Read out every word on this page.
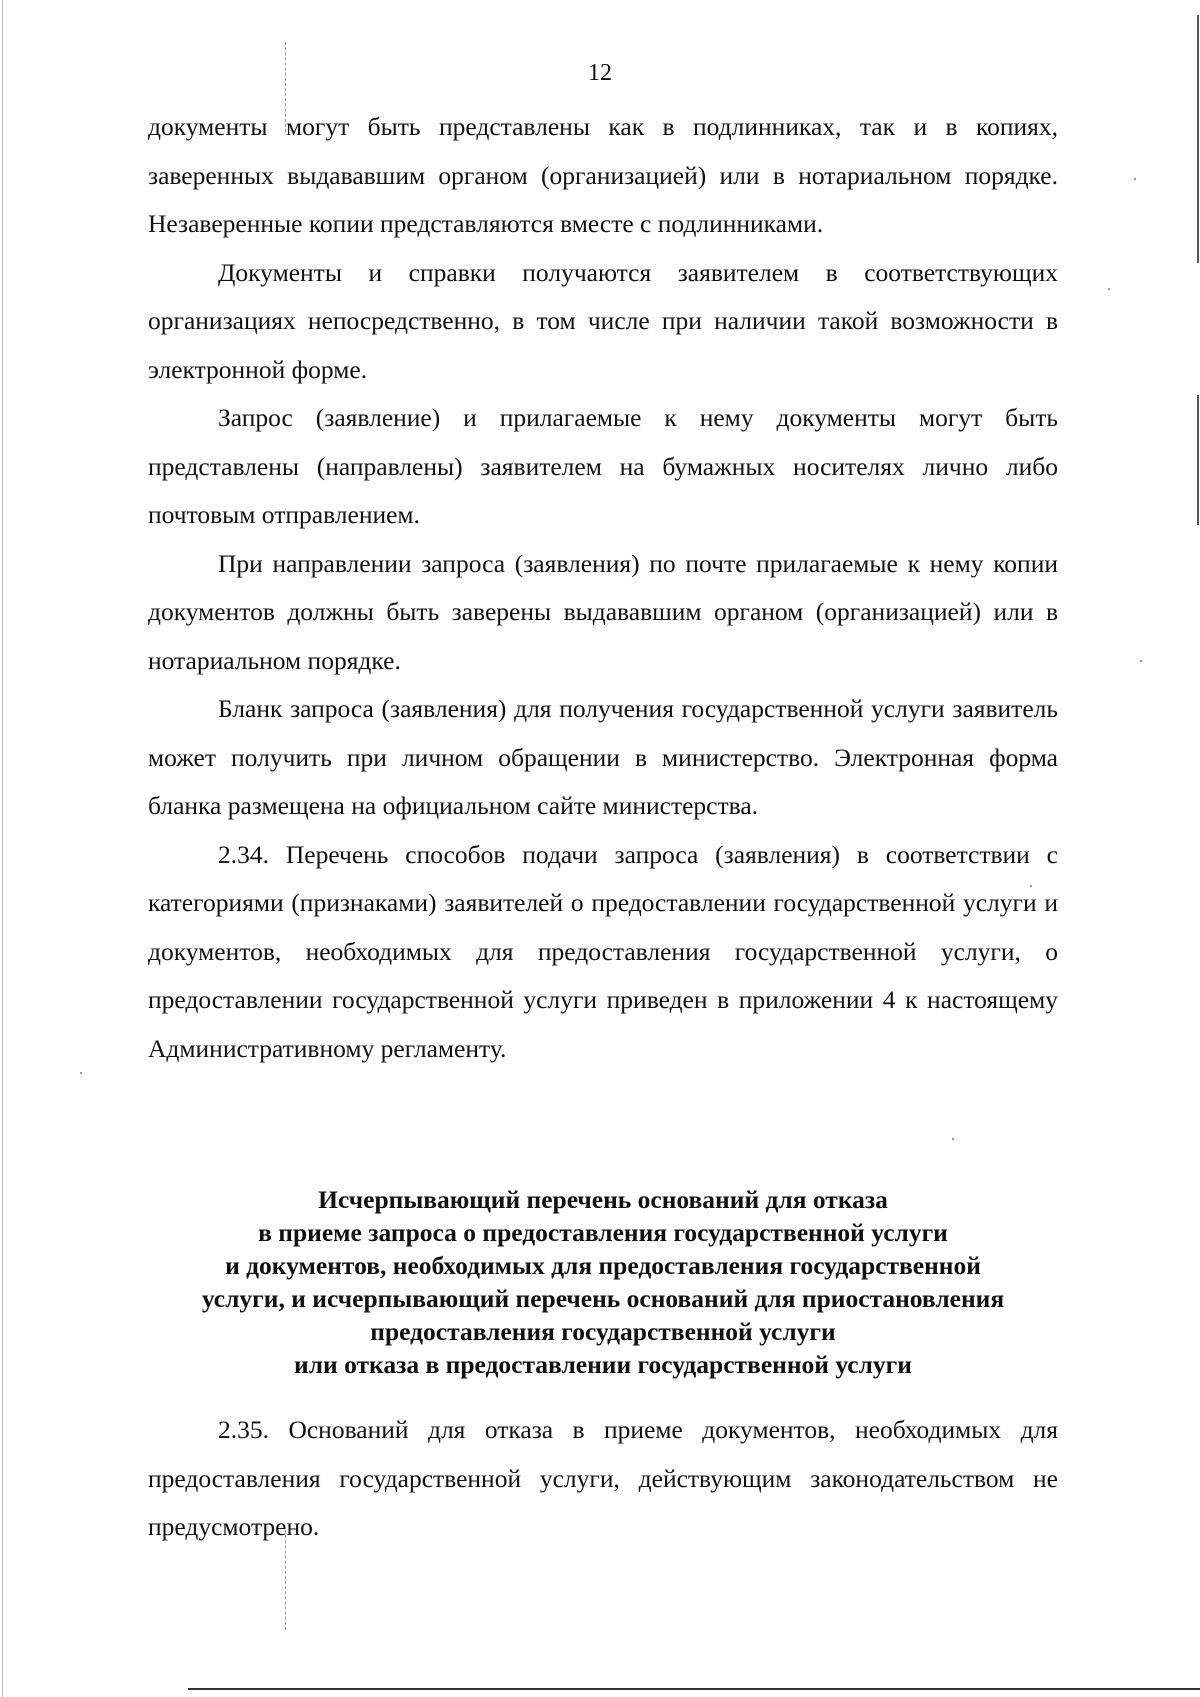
12

документы могут быть представлены как в подлинниках, так и в копиях, заверенных выдававшим органом (организацией) или в нотариальном порядке. Незаверенные копии представляются вместе с подлинниками.

Документы и справки получаются заявителем в соответствующих организациях непосредственно, в том числе при наличии такой возможности в электронной форме.

Запрос (заявление) и прилагаемые к нему документы могут быть представлены (направлены) заявителем на бумажных носителях лично либо почтовым отправлением.

При направлении запроса (заявления) по почте прилагаемые к нему копии документов должны быть заверены выдававшим органом (организацией) или в нотариальном порядке.

Бланк запроса (заявления) для получения государственной услуги заявитель может получить при личном обращении в министерство. Электронная форма бланка размещена на официальном сайте министерства.

2.34. Перечень способов подачи запроса (заявления) в соответствии с категориями (признаками) заявителей о предоставлении государственной услуги и документов, необходимых для предоставления государственной услуги, о предоставлении государственной услуги приведен в приложении 4 к настоящему Административному регламенту.

Исчерпывающий перечень оснований для отказа
в приеме запроса о предоставления государственной услуги
и документов, необходимых для предоставления государственной
услуги, и исчерпывающий перечень оснований для приостановления
предоставления государственной услуги
или отказа в предоставлении государственной услуги

2.35. Оснований для отказа в приеме документов, необходимых для предоставления государственной услуги, действующим законодательством не предусмотрено.
